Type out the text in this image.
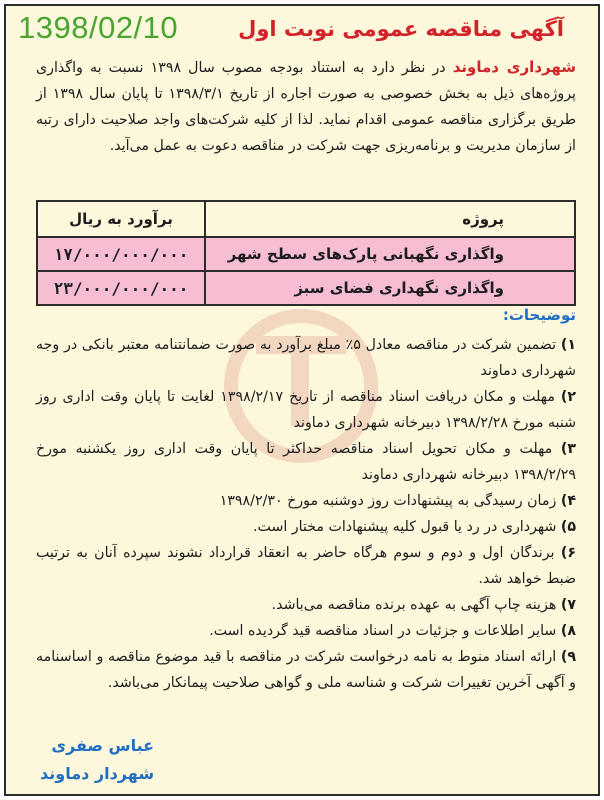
1398/02/10	آگهی مناقصه عمومی نوبت اول
شهرداری دماوند در نظر دارد به استناد بودجه مصوب سال ۱۳۹۸ نسبت به واگذاری پروژه‌های ذیل به بخش خصوصی به صورت اجاره از تاریخ ۱۳۹۸/۳/۱ تا پایان سال ۱۳۹۸ از طریق برگزاری مناقصه عمومی اقدام نماید. لذا از کلیه شرکت‌های واجد صلاحیت دارای رتبه از سازمان مدیریت و برنامه‌ریزی جهت شرکت در مناقصه دعوت به عمل می‌آید.
پروژه	برآورد به ریال
واگذاری نگهبانی پارک‌های سطح شهر	۱۷/۰۰۰/۰۰۰/۰۰۰
واگذاری نگهداری فضای سبز	۲۳/۰۰۰/۰۰۰/۰۰۰
توضیحات:
۱) تضمین شرکت در مناقصه معادل ۵٪ مبلغ برآورد به صورت ضمانتنامه معتبر بانکی در وجه شهرداری دماوند
۲) مهلت و مکان دریافت اسناد مناقصه از تاریخ ۱۳۹۸/۲/۱۷ لغایت تا پایان وقت اداری روز شنبه مورخ ۱۳۹۸/۲/۲۸ دبیرخانه شهرداری دماوند
۳) مهلت و مکان تحویل اسناد مناقصه حداکثر تا پایان وقت اداری روز یکشنبه مورخ ۱۳۹۸/۲/۲۹ دبیرخانه شهرداری دماوند
۴) زمان رسیدگی به پیشنهادات روز دوشنبه مورخ ۱۳۹۸/۲/۳۰
۵) شهرداری در رد یا قبول کلیه پیشنهادات مختار است.
۶) برندگان اول و دوم و سوم هرگاه حاضر به انعقاد قرارداد نشوند سپرده آنان به ترتیب ضبط خواهد شد.
۷) هزینه چاپ آگهی به عهده برنده مناقصه می‌باشد.
۸) سایر اطلاعات و جزئیات در اسناد مناقصه قید گردیده است.
۹) ارائه اسناد منوط به نامه درخواست شرکت در مناقصه با قید موضوع مناقصه و اساسنامه و آگهی آخرین تغییرات شرکت و شناسه ملی و گواهی صلاحیت پیمانکار می‌باشد.
عباس صفری
شهردار دماوند
